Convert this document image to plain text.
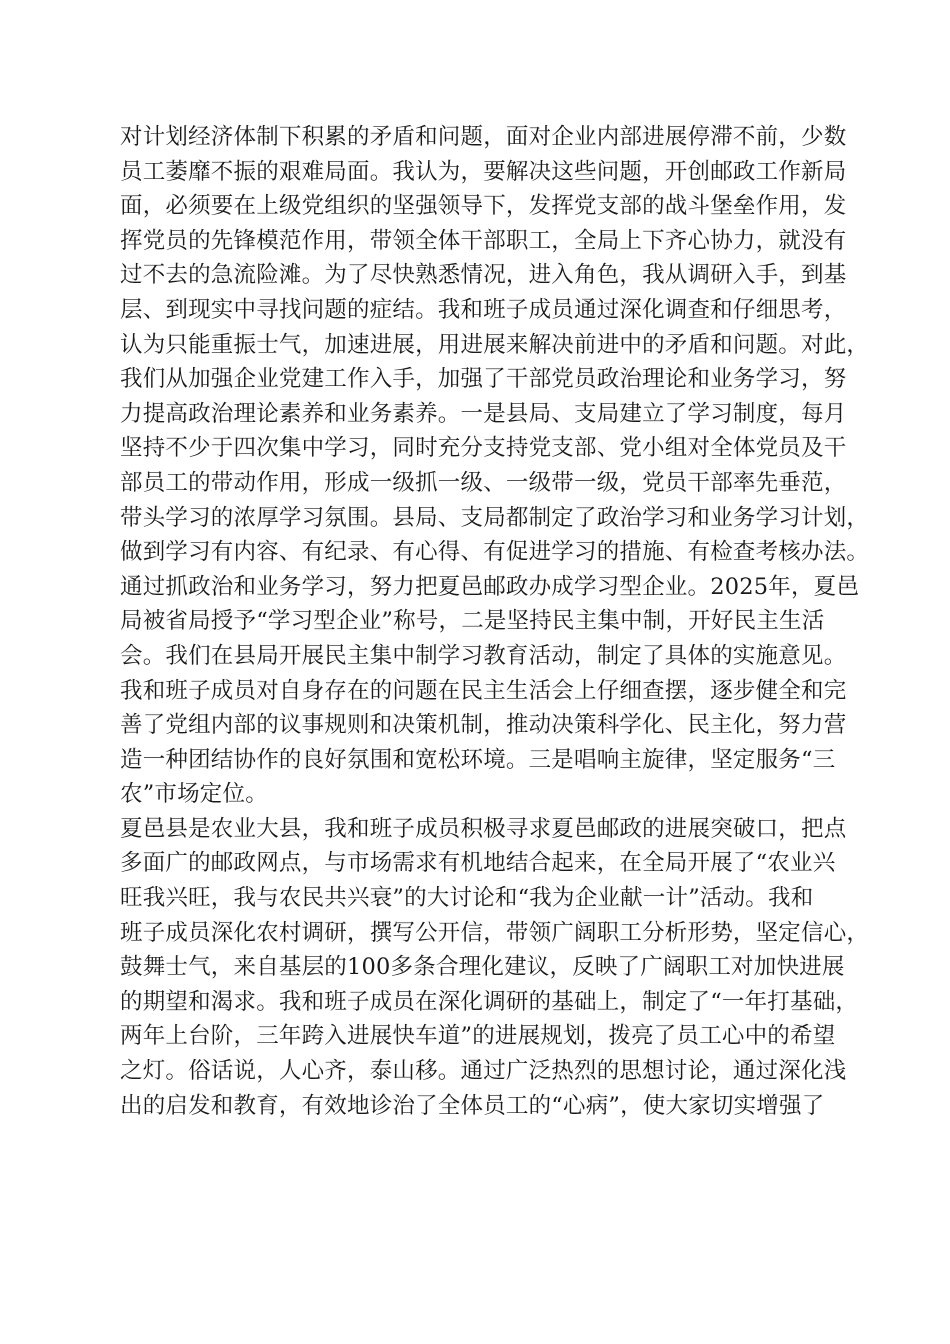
对计划经济体制下积累的矛盾和问题，面对企业内部进展停滞不前，少数
员工萎靡不振的艰难局面。我认为，要解决这些问题，开创邮政工作新局
面，必须要在上级党组织的坚强领导下，发挥党支部的战斗堡垒作用，发
挥党员的先锋模范作用，带领全体干部职工，全局上下齐心协力，就没有
过不去的急流险滩。为了尽快熟悉情况，进入角色，我从调研入手，到基
层、到现实中寻找问题的症结。我和班子成员通过深化调查和仔细思考，
认为只能重振士气，加速进展，用进展来解决前进中的矛盾和问题。对此，
我们从加强企业党建工作入手，加强了干部党员政治理论和业务学习，努
力提高政治理论素养和业务素养。一是县局、支局建立了学习制度，每月
坚持不少于四次集中学习，同时充分支持党支部、党小组对全体党员及干
部员工的带动作用，形成一级抓一级、一级带一级，党员干部率先垂范，
带头学习的浓厚学习氛围。县局、支局都制定了政治学习和业务学习计划，
做到学习有内容、有纪录、有心得、有促进学习的措施、有检查考核办法。
通过抓政治和业务学习，努力把夏邑邮政办成学习型企业。2025年，夏邑
局被省局授予“学习型企业”称号，二是坚持民主集中制，开好民主生活
会。我们在县局开展民主集中制学习教育活动，制定了具体的实施意见。
我和班子成员对自身存在的问题在民主生活会上仔细查摆，逐步健全和完
善了党组内部的议事规则和决策机制，推动决策科学化、民主化，努力营
造一种团结协作的良好氛围和宽松环境。三是唱响主旋律，坚定服务“三
农”市场定位。
夏邑县是农业大县，我和班子成员积极寻求夏邑邮政的进展突破口，把点
多面广的邮政网点，与市场需求有机地结合起来，在全局开展了“农业兴
旺我兴旺，我与农民共兴衰”的大讨论和“我为企业献一计”活动。我和
班子成员深化农村调研，撰写公开信，带领广阔职工分析形势，坚定信心，
鼓舞士气，来自基层的100多条合理化建议，反映了广阔职工对加快进展
的期望和渴求。我和班子成员在深化调研的基础上，制定了“一年打基础，
两年上台阶，三年跨入进展快车道”的进展规划，拨亮了员工心中的希望
之灯。俗话说，人心齐，泰山移。通过广泛热烈的思想讨论，通过深化浅
出的启发和教育，有效地诊治了全体员工的“心病”，使大家切实增强了
